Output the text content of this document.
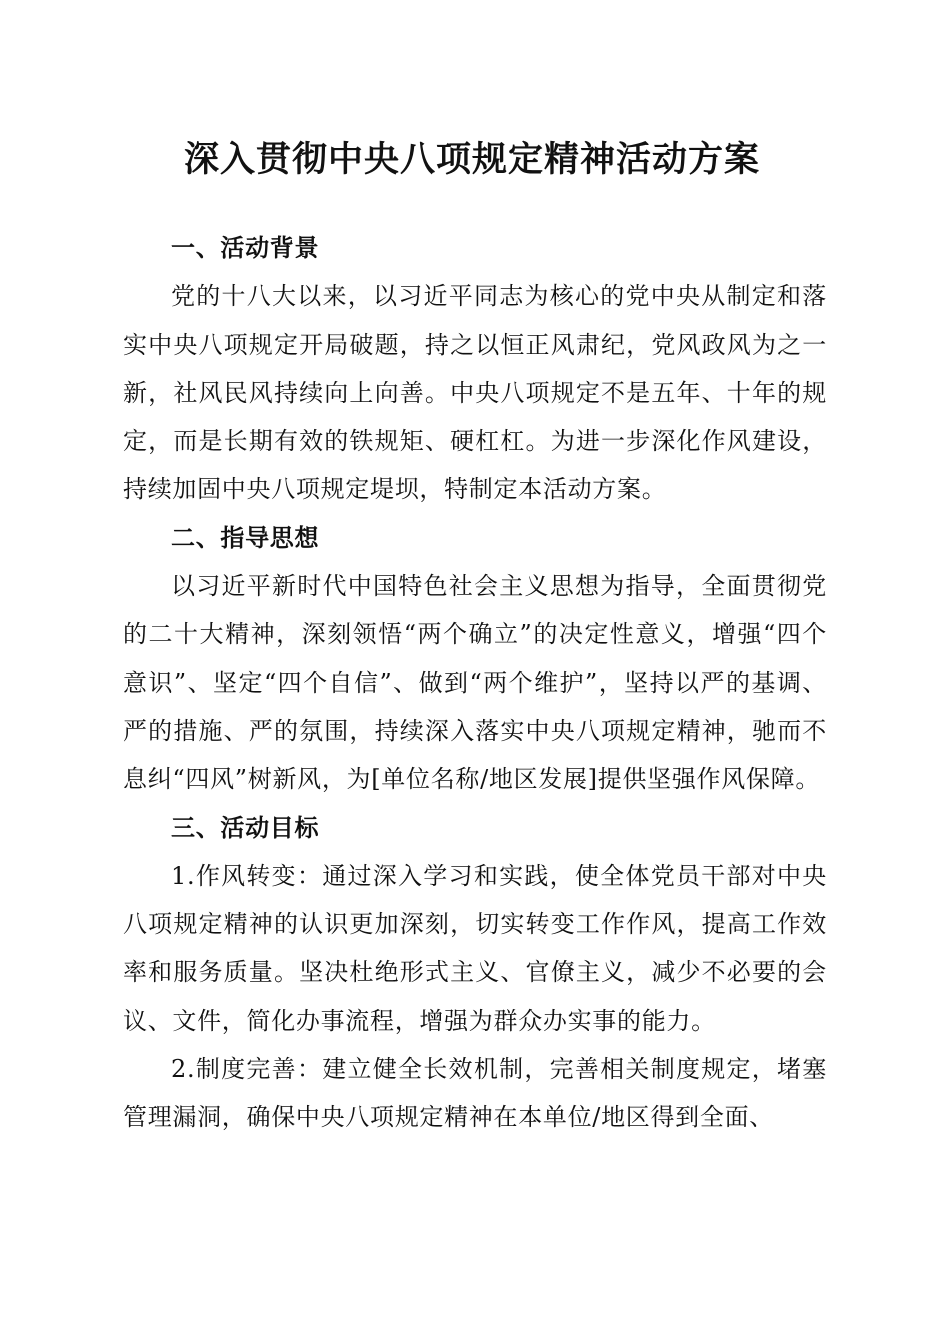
深入贯彻中央八项规定精神活动方案
一、活动背景

党的十八大以来，以习近平同志为核心的党中央从制定和落实中央八项规定开局破题，持之以恒正风肃纪，党风政风为之一新，社风民风持续向上向善。中央八项规定不是五年、十年的规定，而是长期有效的铁规矩、硬杠杠。为进一步深化作风建设，持续加固中央八项规定堤坝，特制定本活动方案。

二、指导思想

以习近平新时代中国特色社会主义思想为指导，全面贯彻党的二十大精神，深刻领悟“两个确立”的决定性意义，增强“四个意识”、坚定“四个自信”、做到“两个维护”，坚持以严的基调、严的措施、严的氛围，持续深入落实中央八项规定精神，驰而不息纠“四风”树新风，为[单位名称/地区发展]提供坚强作风保障。

三、活动目标

1.作风转变：通过深入学习和实践，使全体党员干部对中央八项规定精神的认识更加深刻，切实转变工作作风，提高工作效率和服务质量。坚决杜绝形式主义、官僚主义，减少不必要的会议、文件，简化办事流程，增强为群众办实事的能力。

2.制度完善：建立健全长效机制，完善相关制度规定，堵塞管理漏洞，确保中央八项规定精神在本单位/地区得到全面、
